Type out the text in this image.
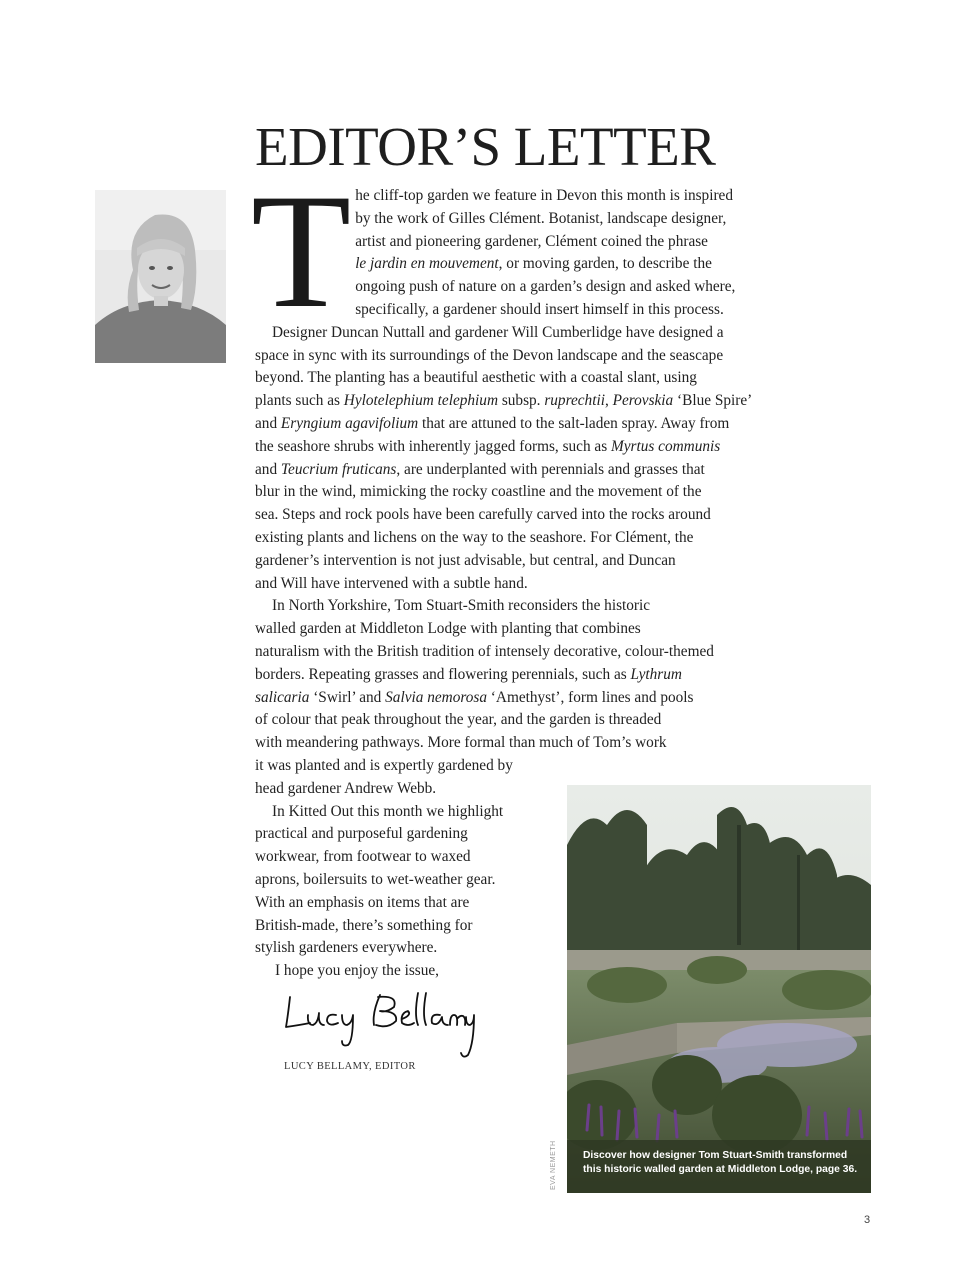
EDITOR’S LETTER
T he cliff-top garden we feature in Devon this month is inspired
by the work of Gilles Clément. Botanist, landscape designer,
artist and pioneering gardener, Clément coined the phrase
le jardin en mouvement, or moving garden, to describe the
ongoing push of nature on a garden’s design and asked where,
specifically, a gardener should insert himself in this process.

Designer Duncan Nuttall and gardener Will Cumberlidge have designed a
space in sync with its surroundings of the Devon landscape and the seascape
beyond. The planting has a beautiful aesthetic with a coastal slant, using
plants such as Hylotelephium telephium subsp. ruprechtii, Perovskia ‘Blue Spire’
and Eryngium agavifolium that are attuned to the salt-laden spray. Away from
the seashore shrubs with inherently jagged forms, such as Myrtus communis
and Teucrium fruticans, are underplanted with perennials and grasses that
blur in the wind, mimicking the rocky coastline and the movement of the
sea. Steps and rock pools have been carefully carved into the rocks around
existing plants and lichens on the way to the seashore. For Clément, the
gardener’s intervention is not just advisable, but central, and Duncan
and Will have intervened with a subtle hand.

In North Yorkshire, Tom Stuart-Smith reconsiders the historic
walled garden at Middleton Lodge with planting that combines
naturalism with the British tradition of intensely decorative, colour-themed
borders. Repeating grasses and flowering perennials, such as Lythrum
salicaria ‘Swirl’ and Salvia nemorosa ‘Amethyst’, form lines and pools
of colour that peak throughout the year, and the garden is threaded
with meandering pathways. More formal than much of Tom’s work
it was planted and is expertly gardened by
head gardener Andrew Webb.

In Kitted Out this month we highlight
practical and purposeful gardening
workwear, from footwear to waxed
aprons, boilersuits to wet-weather gear.
With an emphasis on items that are
British-made, there’s something for
stylish gardeners everywhere.

I hope you enjoy the issue,

LUCY BELLAMY, EDITOR
Discover how designer Tom Stuart-Smith transformed
this historic walled garden at Middleton Lodge, page 36.
EVA NEMETH
3
